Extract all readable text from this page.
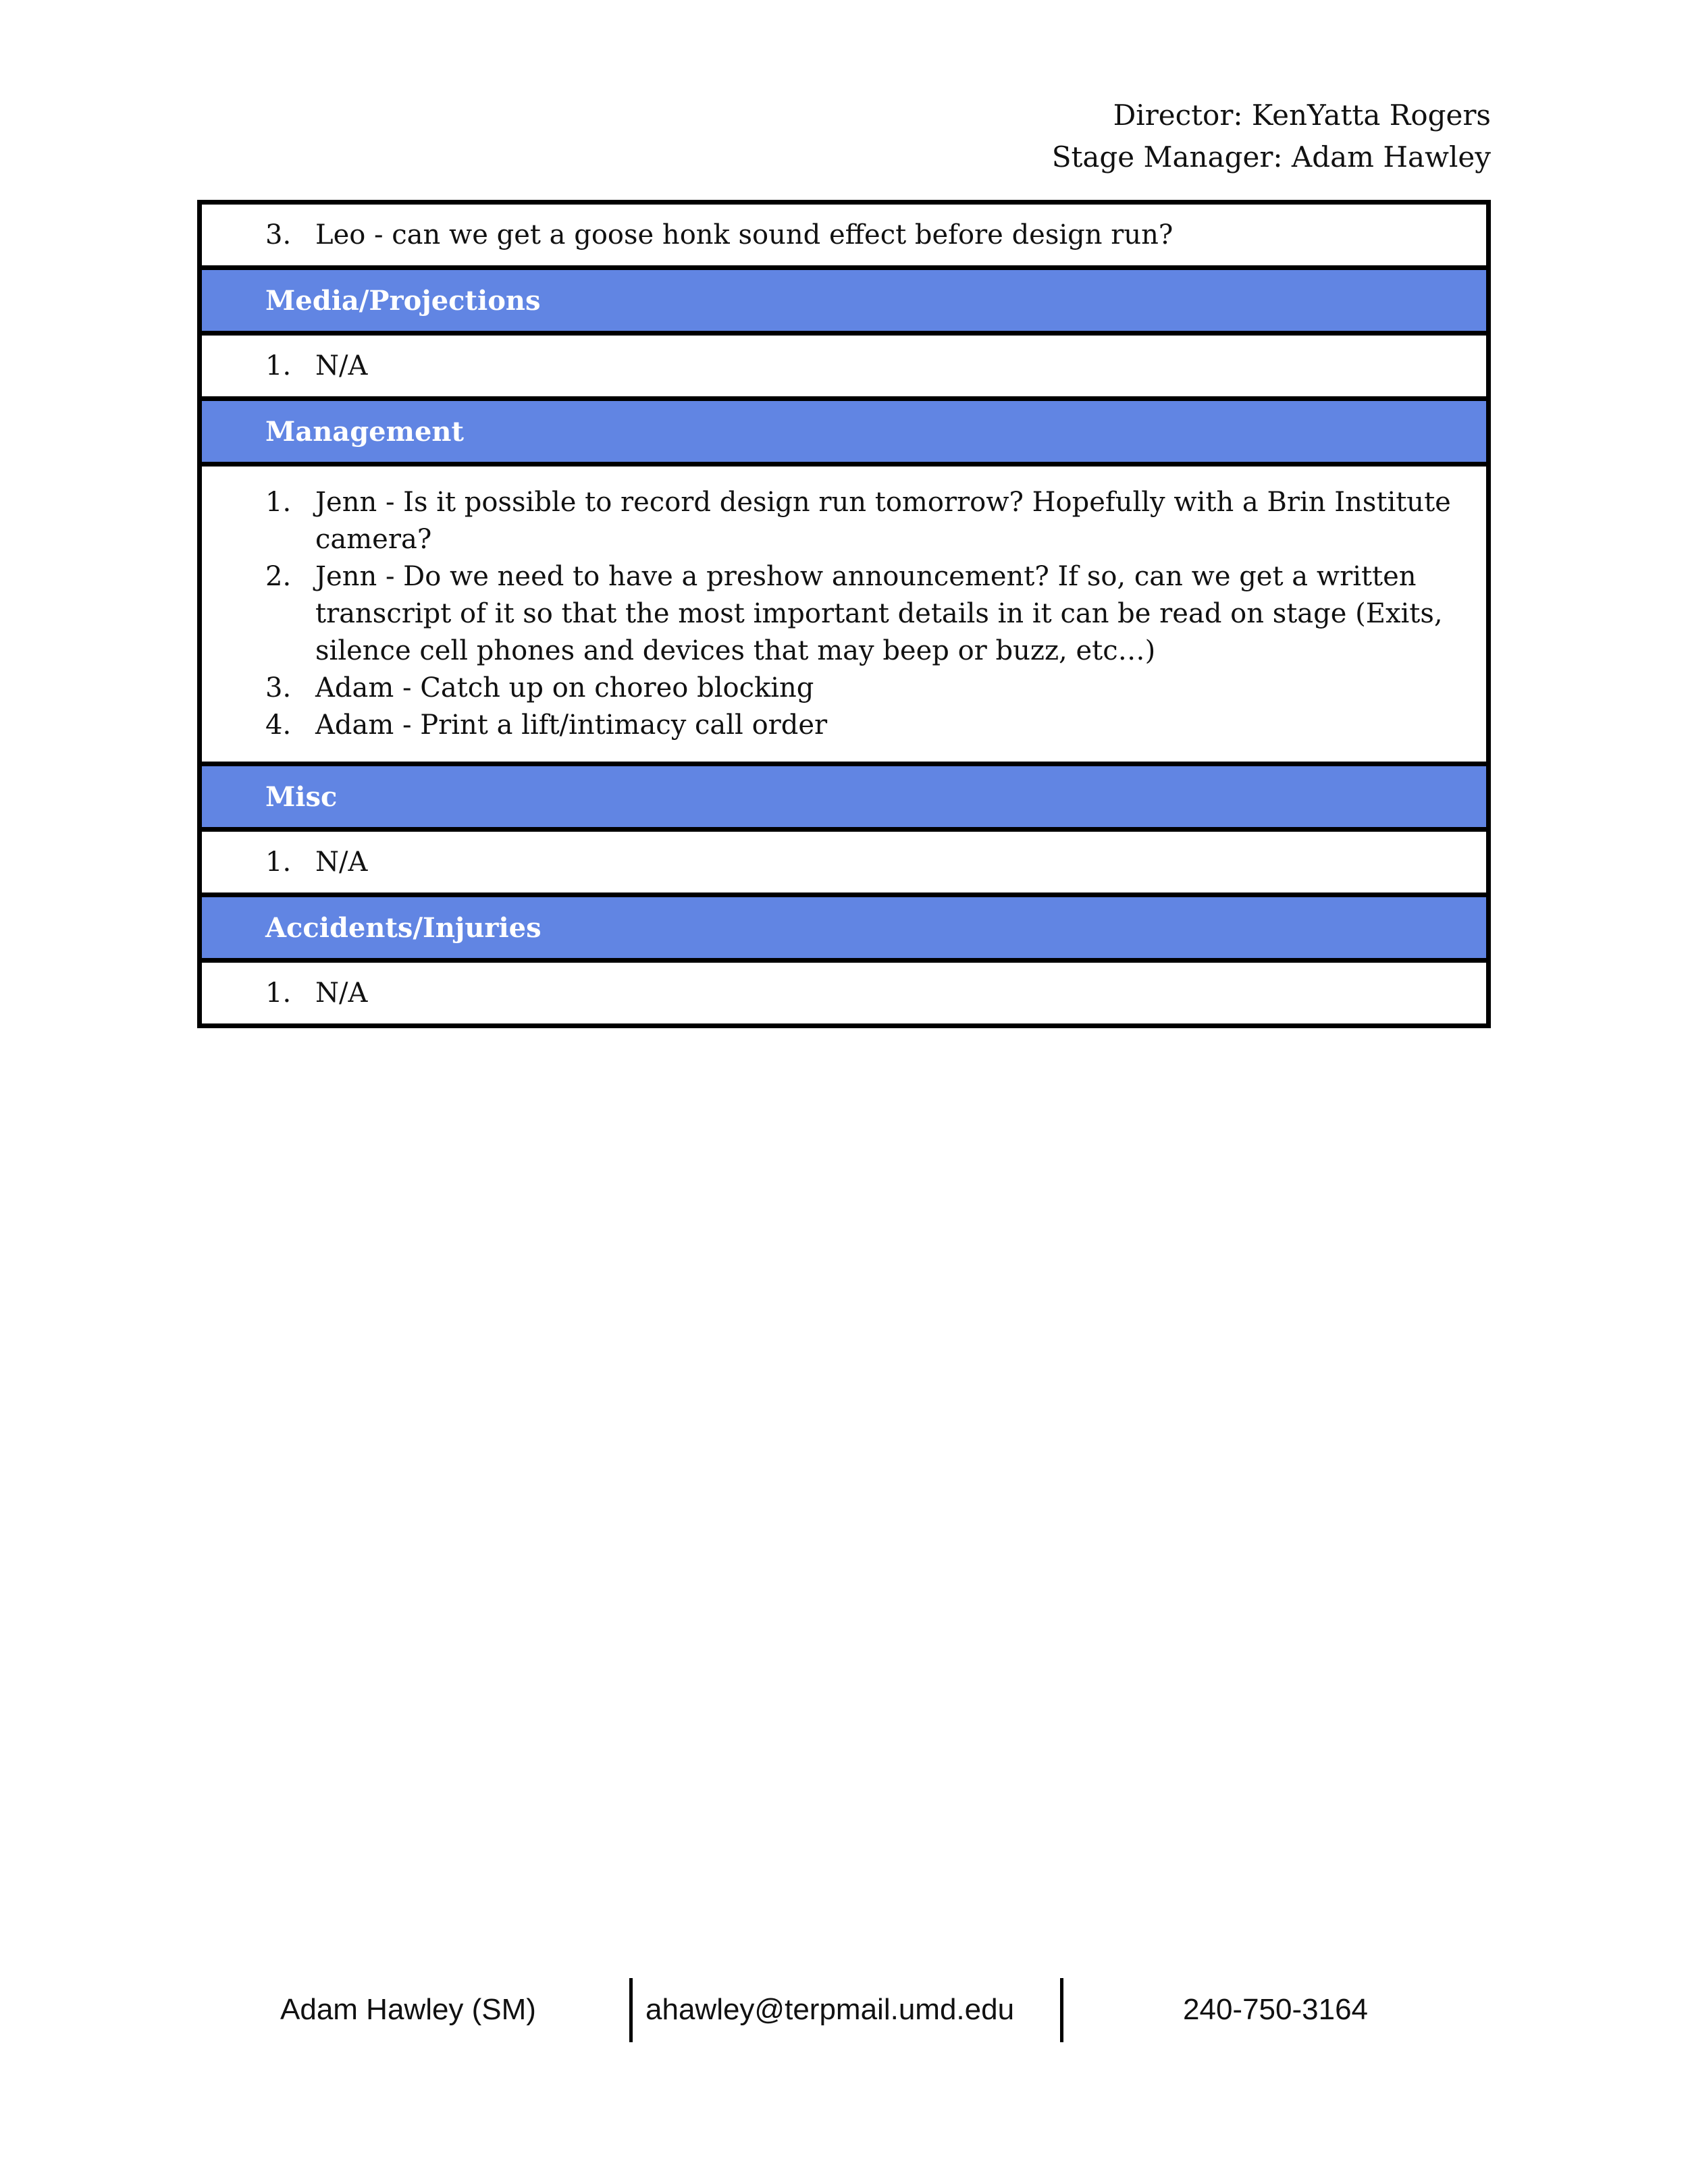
Director: KenYatta Rogers
Stage Manager: Adam Hawley
3. Leo - can we get a goose honk sound effect before design run?

Media/Projections

1. N/A

Management

1. Jenn - Is it possible to record design run tomorrow? Hopefully with a Brin Institute camera?
2. Jenn - Do we need to have a preshow announcement? If so, can we get a written transcript of it so that the most important details in it can be read on stage (Exits, silence cell phones and devices that may beep or buzz, etc…)
3. Adam - Catch up on choreo blocking
4. Adam - Print a lift/intimacy call order

Misc

1. N/A

Accidents/Injuries

1. N/A
Adam Hawley (SM)	ahawley@terpmail.umd.edu	240-750-3164
